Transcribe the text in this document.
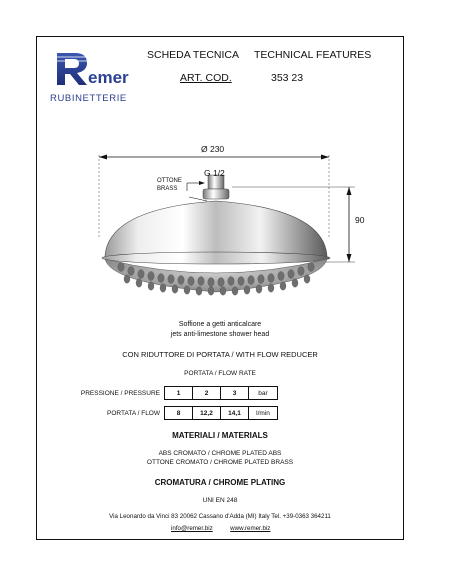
emer
RUBINETTERIE
SCHEDA TECNICA TECHNICAL FEATURES
ART. COD.	353 23
Ø 230
G 1/2
OTTONE
BRASS
90
Soffione a getti anticalcare
jets anti-limestone shower head
CON RIDUTTORE DI PORTATA / WITH FLOW REDUCER
PORTATA / FLOW RATE
PRESSIONE / PRESSURE	1	2	3	bar

PORTATA / FLOW	8	12,2	14,1	l/min
MATERIALI / MATERIALS
ABS CROMATO / CHROME PLATED ABS
OTTONE CROMATO / CHROME PLATED BRASS
CROMATURA / CHROME PLATING
UNI EN 248
Via Leonardo da Vinci 83 20062 Cassano d'Adda (MI) Italy Tel. +39-0363 364211
info@remer.biz	www.remer.biz
